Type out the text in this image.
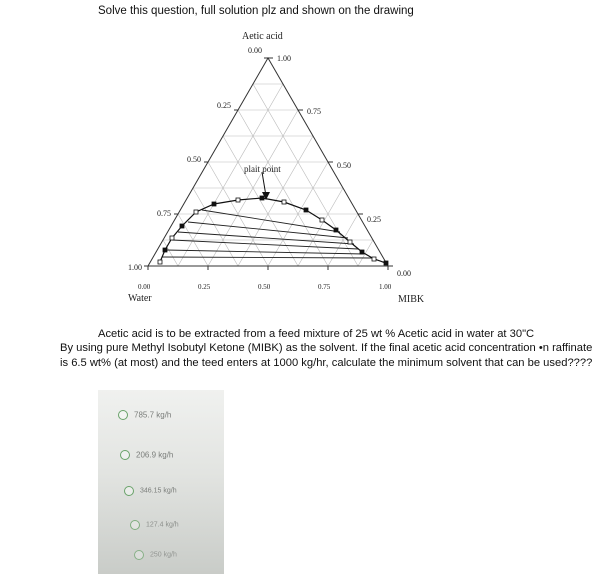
Solve this question, full solution plz and shown on the drawing
Aetic acid
Water	MIBK
plait point
0.00
0.25
0.50
0.75
1.00
1.00
0.75
0.50
0.25
0.00
0.00	0.25	0.50	0.75	1.00
Acetic acid is to be extracted from a feed mixture of 25 wt % Acetic acid in water at 30"C
By using pure Methyl Isobutyl Ketone (MIBK) as the solvent. If the final acetic acid concentration •n raffinate is 6.5 wt% (at most) and the teed enters at 1000 kg/hr, calculate the minimum solvent that can be used????
785.7 kg/h
206.9 kg/h
346.15 kg/h
127.4 kg/h
250 kg/h
